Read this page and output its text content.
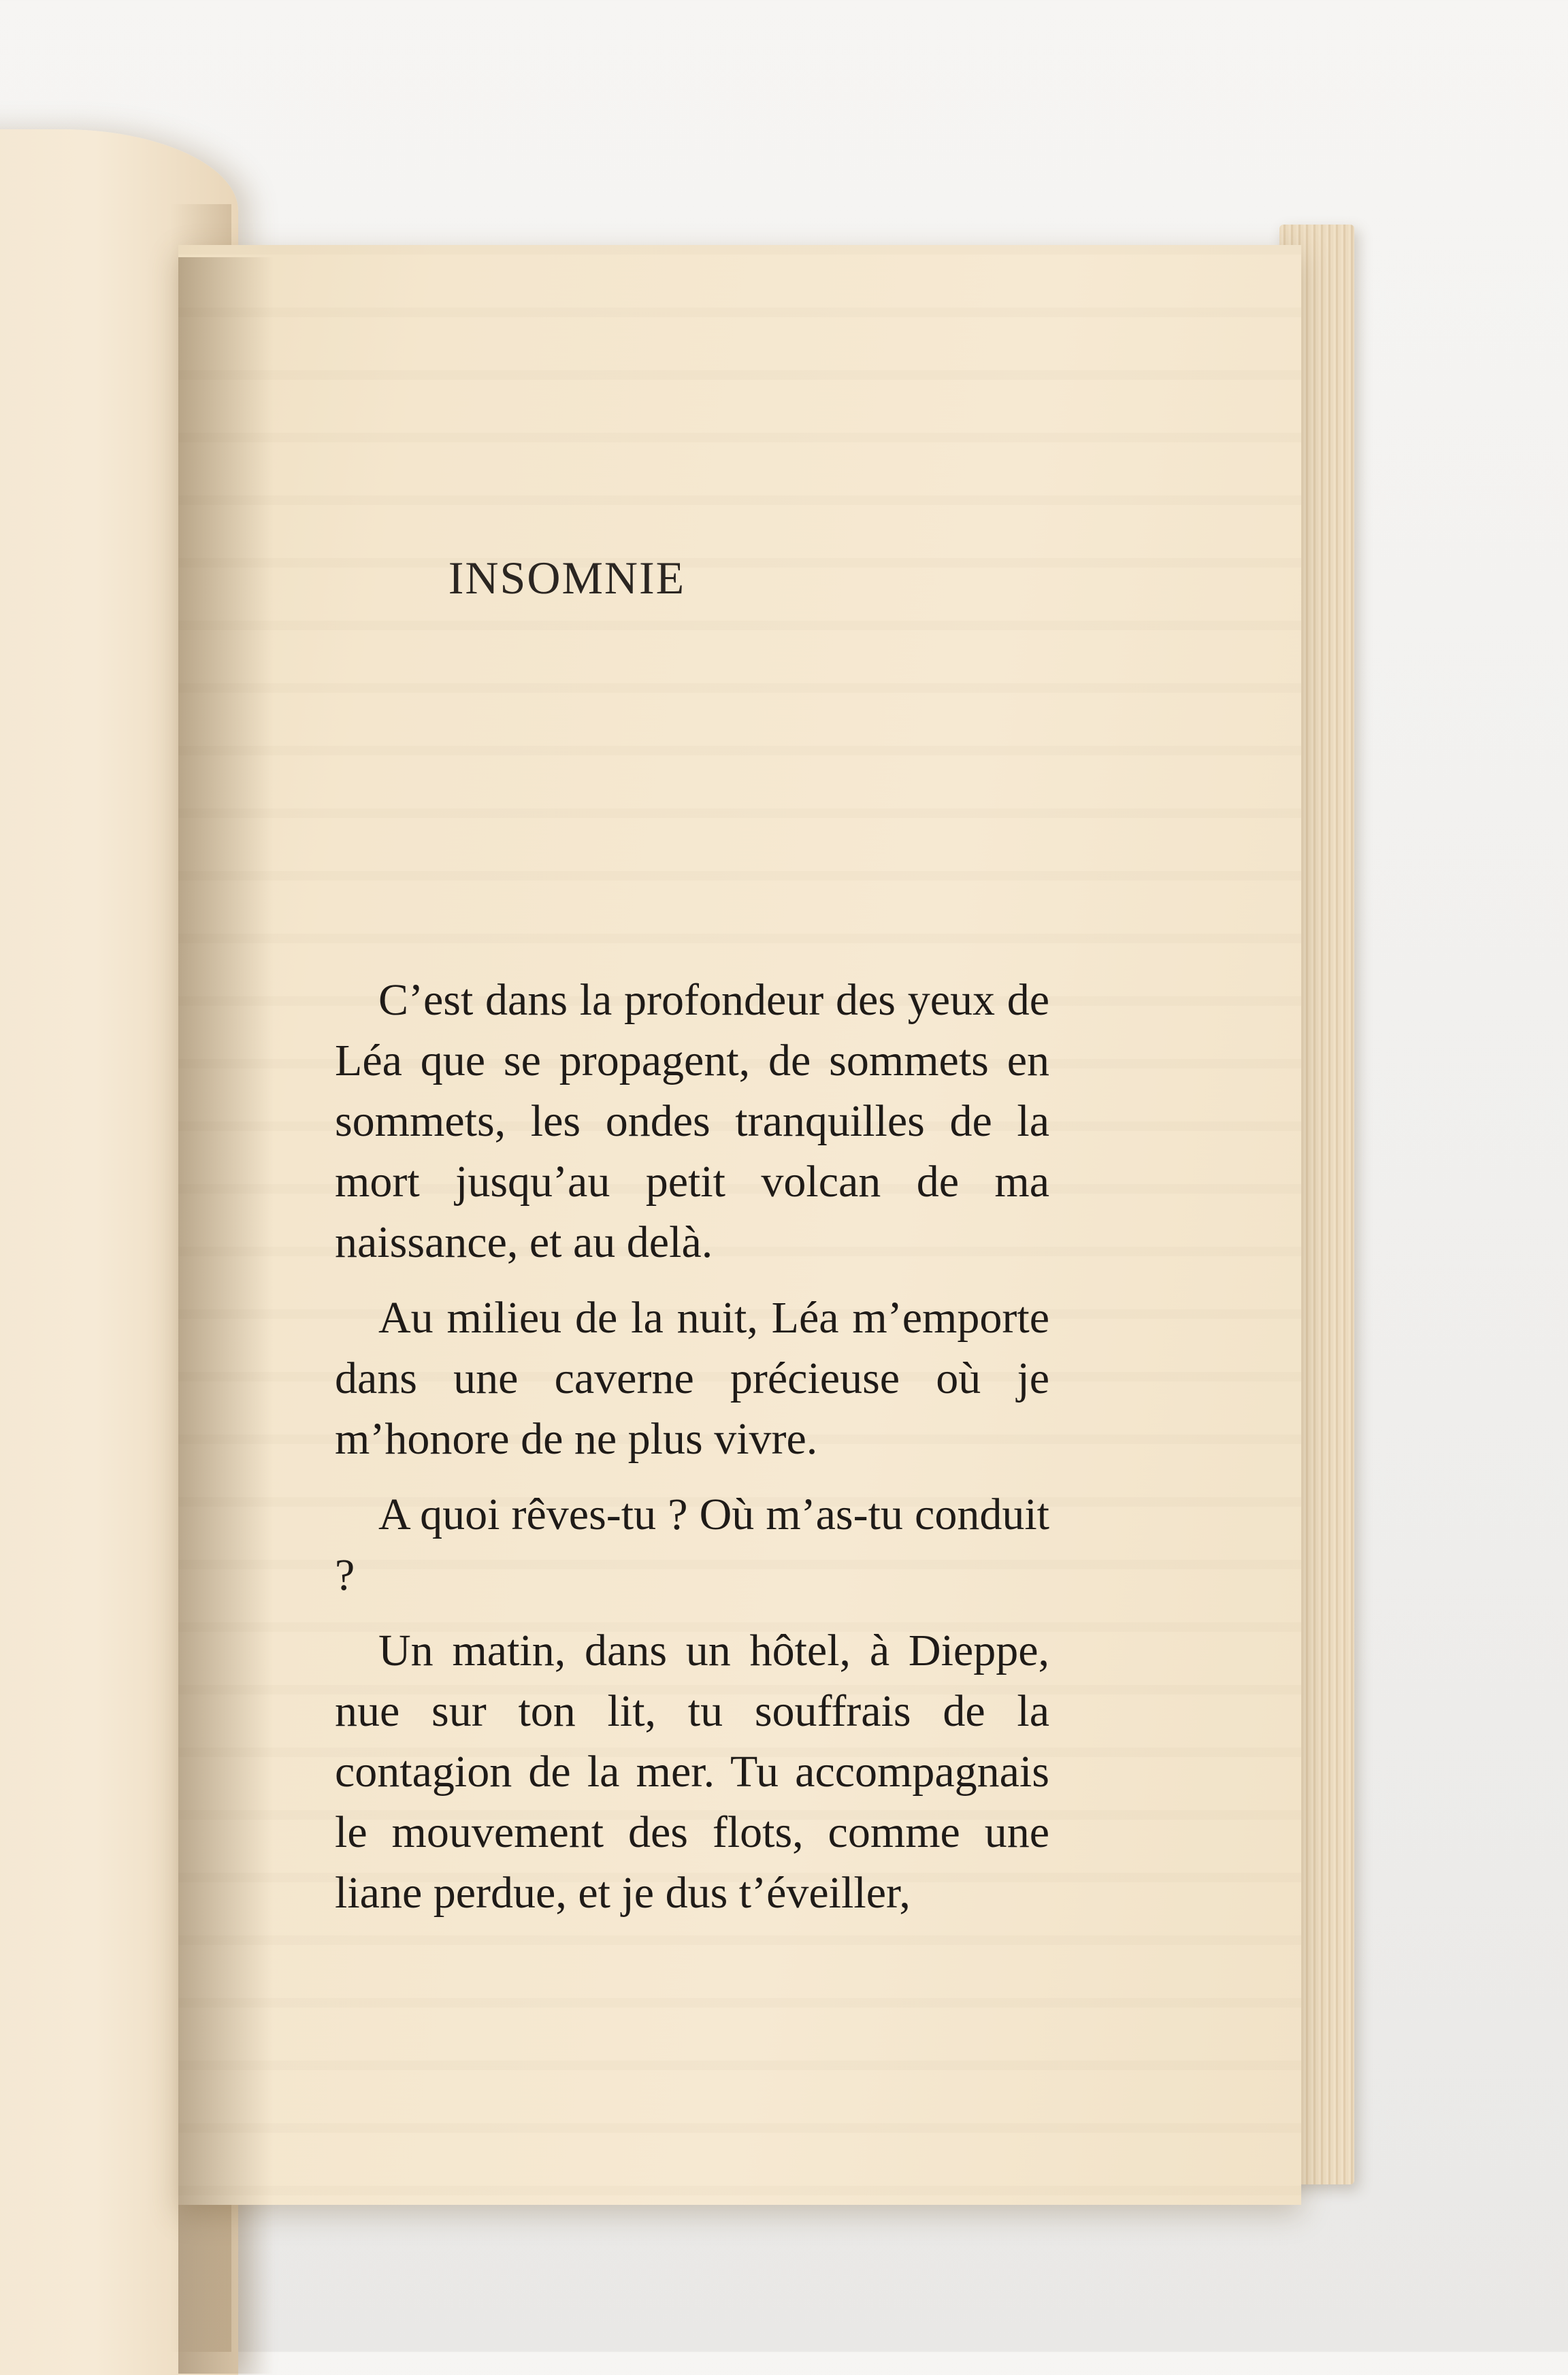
INSOMNIE

C’est dans la profondeur des yeux de Léa que se propagent, de sommets en sommets, les ondes tranquilles de la mort jusqu’au petit volcan de ma naissance, et au delà.

Au milieu de la nuit, Léa m’emporte dans une caverne précieuse où je m’honore de ne plus vivre.

A quoi rêves-tu ? Où m’as-tu conduit ?

Un matin, dans un hôtel, à Dieppe, nue sur ton lit, tu souffrais de la contagion de la mer. Tu accompagnais le mouvement des flots, comme une liane perdue, et je dus t’éveiller,
